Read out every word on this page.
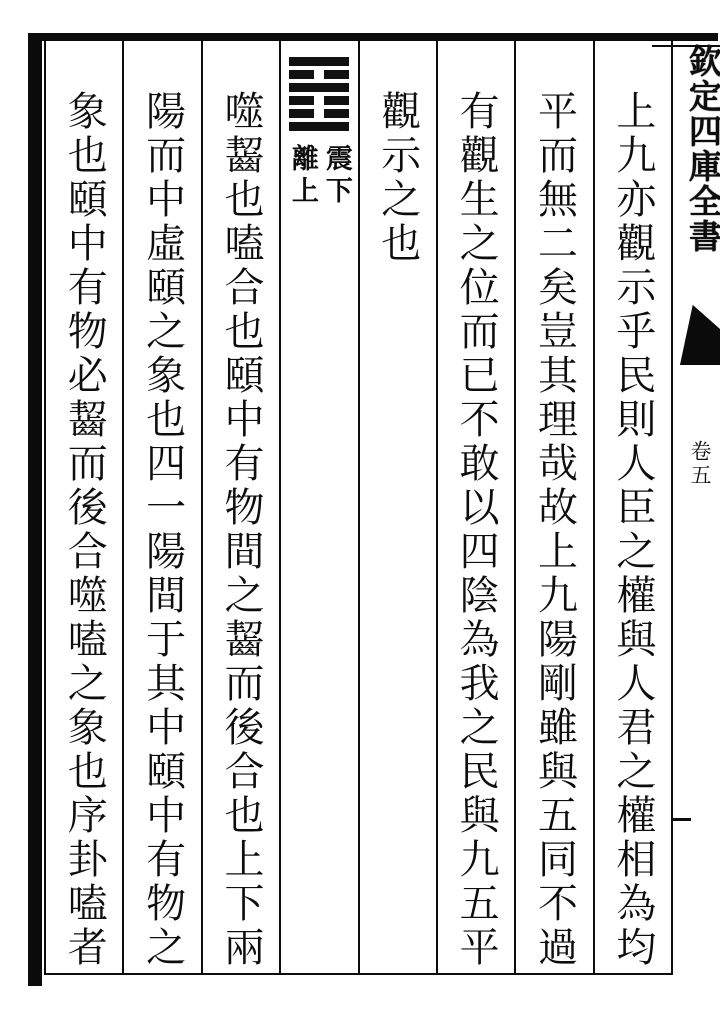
上九亦觀示乎民則人臣之權與人君之權相為均
平而無二矣豈其理哉故上九陽剛雖與五同不過
有觀生之位而已不敢以四陰為我之民與九五平
觀示之也
震下
離上
噬齧也嗑合也頤中有物間之齧而後合也上下兩
陽而中虛頤之象也四一陽間于其中頤中有物之
象也頤中有物必齧而後合噬嗑之象也序卦嗑者	欽定四庫全書
卷五
